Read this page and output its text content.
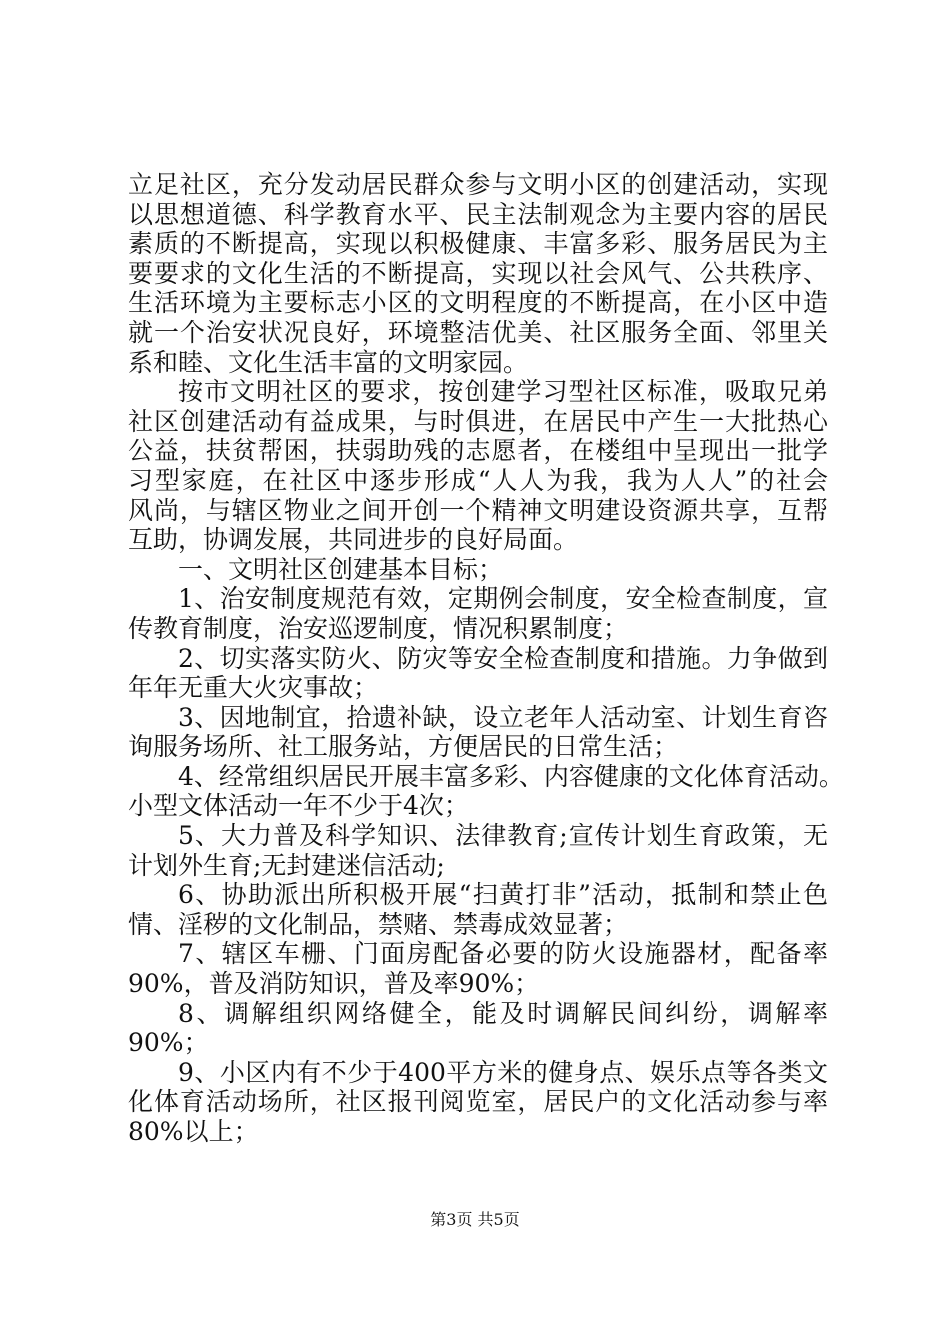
立足社区，充分发动居民群众参与文明小区的创建活动，实现
以思想道德、科学教育水平、民主法制观念为主要内容的居民
素质的不断提高，实现以积极健康、丰富多彩、服务居民为主
要要求的文化生活的不断提高，实现以社会风气、公共秩序、
生活环境为主要标志小区的文明程度的不断提高，在小区中造
就一个治安状况良好，环境整洁优美、社区服务全面、邻里关
系和睦、文化生活丰富的文明家园。
按市文明社区的要求，按创建学习型社区标准，吸取兄弟
社区创建活动有益成果，与时俱进，在居民中产生一大批热心
公益，扶贫帮困，扶弱助残的志愿者，在楼组中呈现出一批学
习型家庭，在社区中逐步形成“人人为我，我为人人”的社会
风尚，与辖区物业之间开创一个精神文明建设资源共享，互帮
互助，协调发展，共同进步的良好局面。
一、文明社区创建基本目标；
1、治安制度规范有效，定期例会制度，安全检查制度，宣
传教育制度，治安巡逻制度，情况积累制度；
2、切实落实防火、防灾等安全检查制度和措施。力争做到
年年无重大火灾事故；
3、因地制宜，拾遗补缺，设立老年人活动室、计划生育咨
询服务场所、社工服务站，方便居民的日常生活；
4、经常组织居民开展丰富多彩、内容健康的文化体育活动。
小型文体活动一年不少于4次；
5、大力普及科学知识、法律教育;宣传计划生育政策，无
计划外生育;无封建迷信活动;
6、协助派出所积极开展“扫黄打非”活动，抵制和禁止色
情、淫秽的文化制品，禁赌、禁毒成效显著；
7、辖区车栅、门面房配备必要的防火设施器材，配备率
90%，普及消防知识，普及率90%；
8、调解组织网络健全，能及时调解民间纠纷，调解率
90%；
9、小区内有不少于400平方米的健身点、娱乐点等各类文
化体育活动场所，社区报刊阅览室，居民户的文化活动参与率
80%以上；
第3页 共5页
